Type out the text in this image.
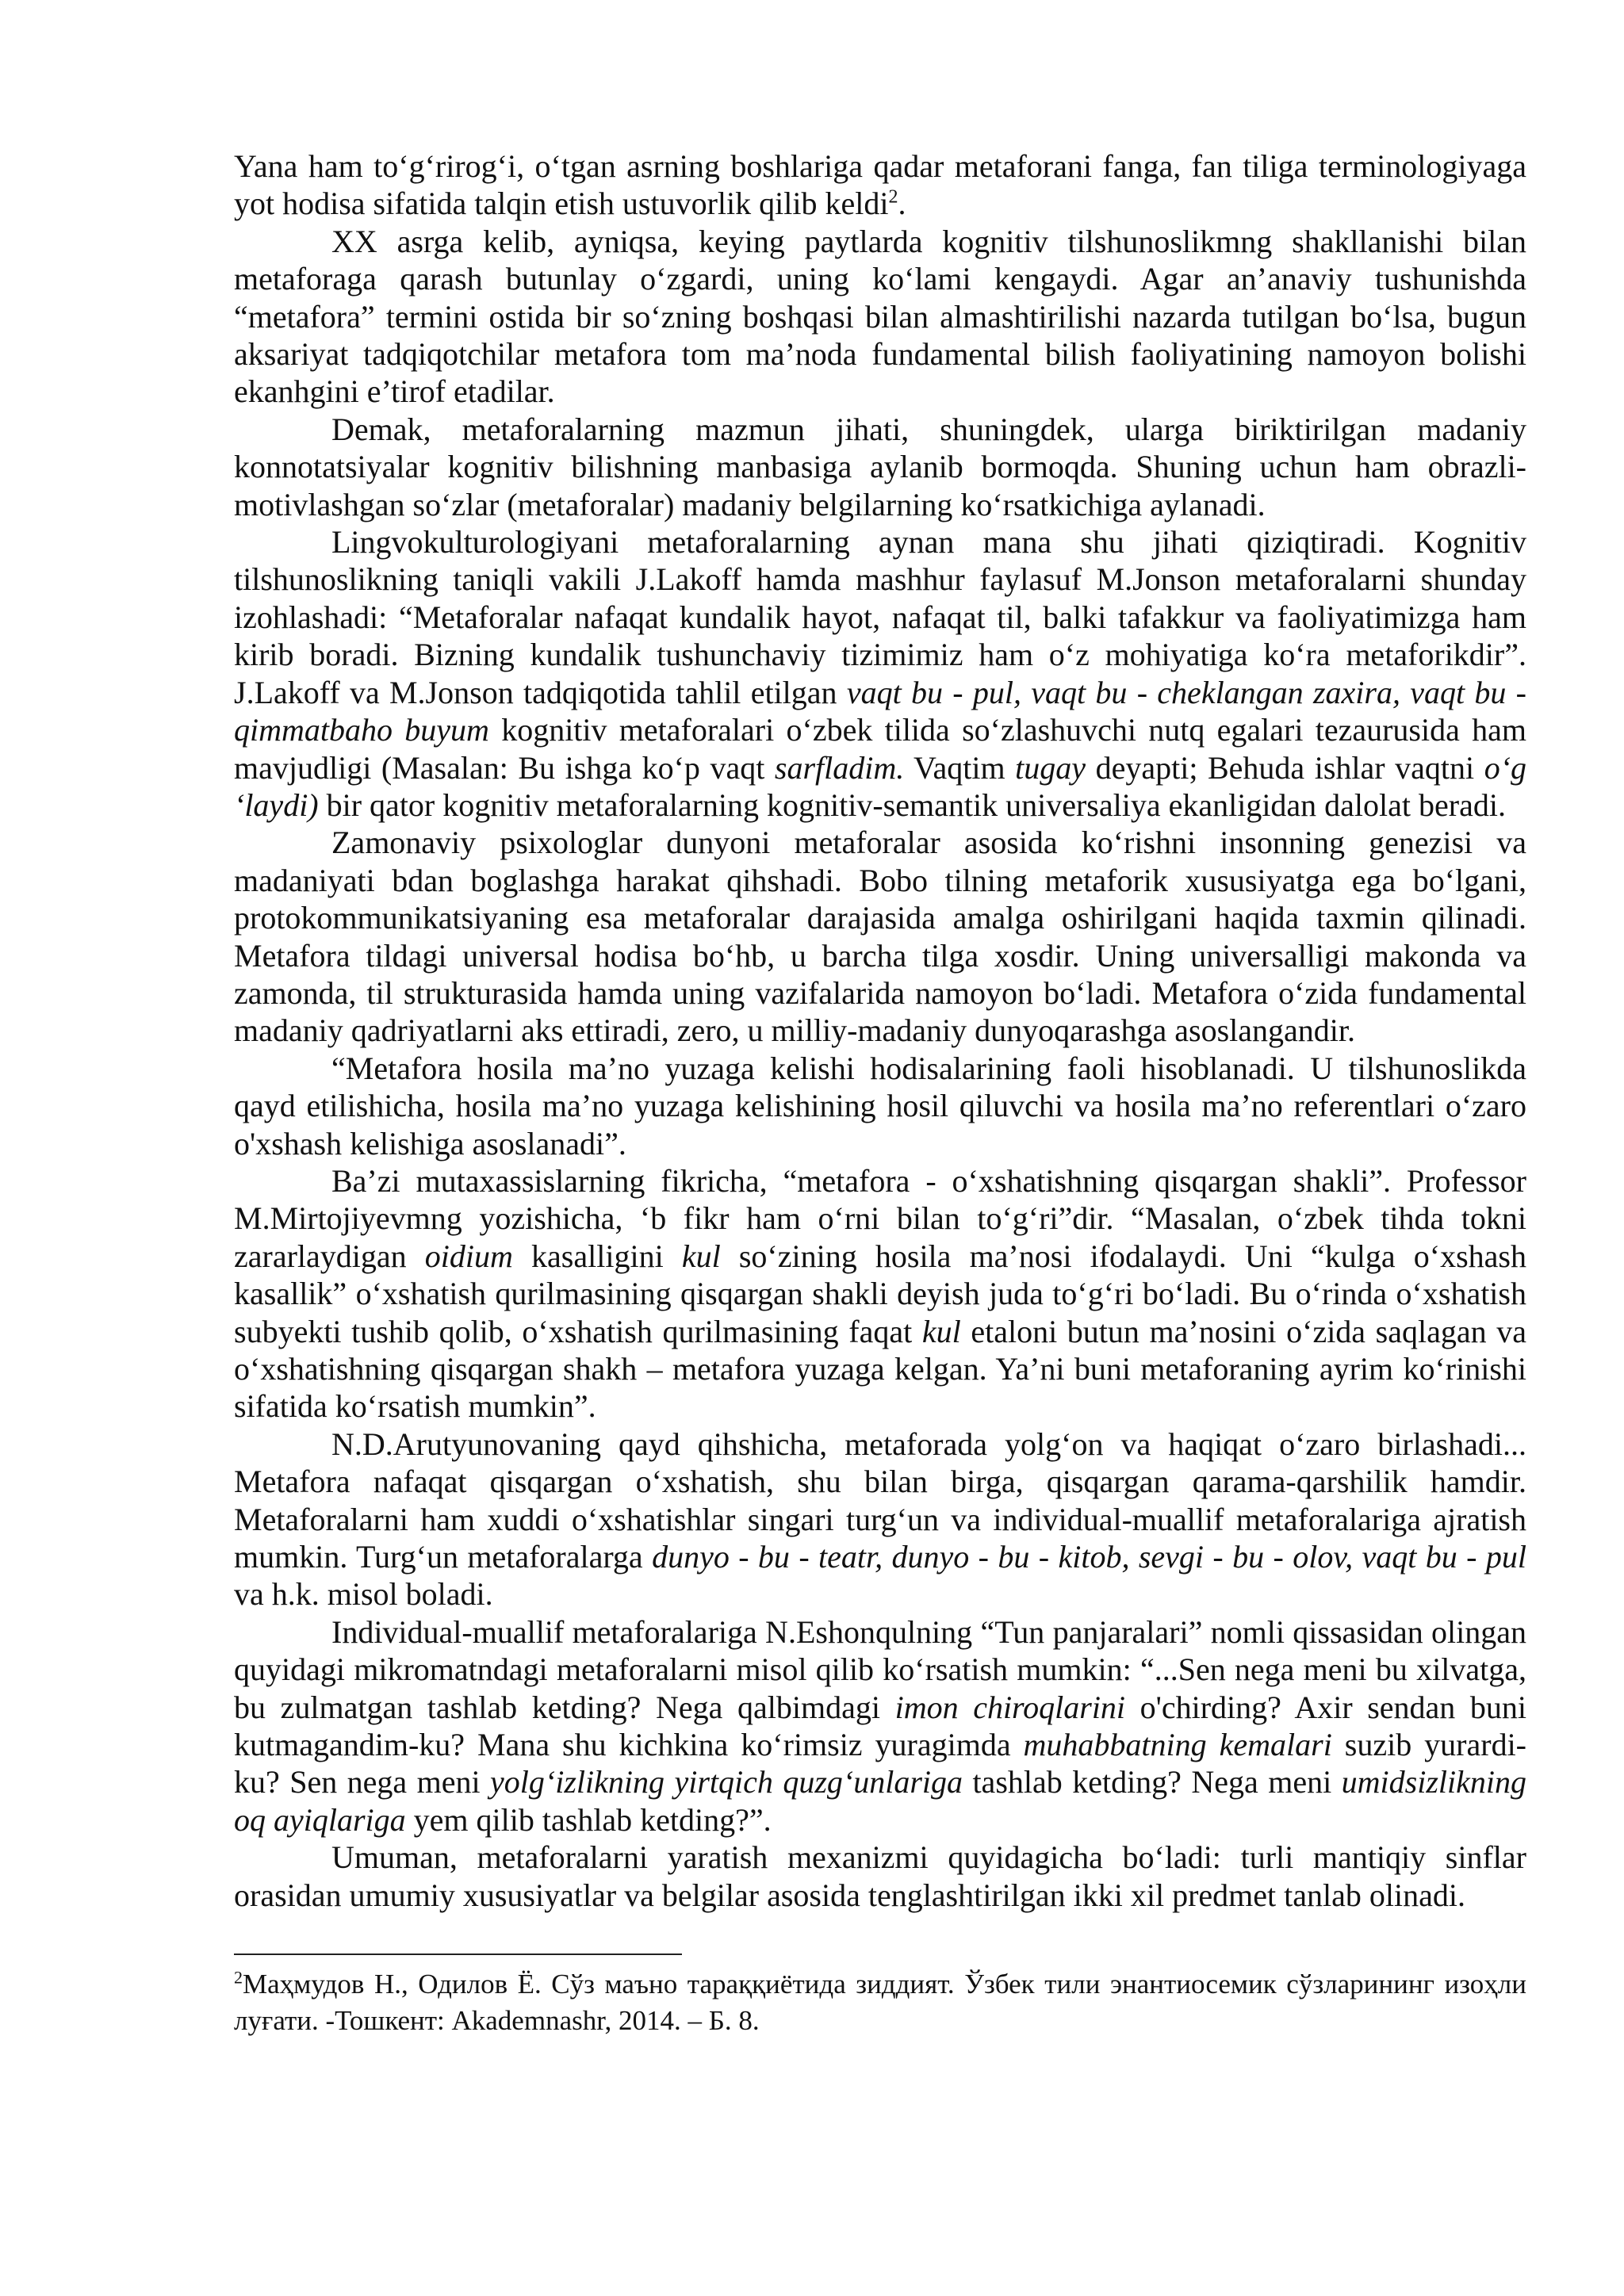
Yana ham to‘g‘rirog‘i, o‘tgan asrning boshlariga qadar metaforani fanga, fan tiliga terminologiyaga yot hodisa sifatida talqin etish ustuvorlik qilib keldi$^2$.

XX asrga kelib, ayniqsa, keying paytlarda kognitiv tilshunoslikmng shakllanishi bilan metaforaga qarash butunlay o‘zgardi, uning ko‘lami kengaydi. Agar an’anaviy tushunishda “metafora” termini ostida bir so‘zning boshqasi bilan almashtirilishi nazarda tutilgan bo‘lsa, bugun aksariyat tadqiqotchilar metafora tom ma’noda fundamental bilish faoliyatining namoyon bolishi ekanhgini e’tirof etadilar.

Demak, metaforalarning mazmun jihati, shuningdek, ularga biriktirilgan madaniy konnotatsiyalar kognitiv bilishning manbasiga aylanib bormoqda. Shuning uchun ham obrazli-motivlashgan so‘zlar (metaforalar) madaniy belgilarning ko‘rsatkichiga aylanadi.

Lingvokulturologiyani metaforalarning aynan mana shu jihati qiziqtiradi. Kognitiv tilshunoslikning taniqli vakili J.Lakoff hamda mashhur faylasuf M.Jonson metaforalarni shunday izohlashadi: “Metaforalar nafaqat kundalik hayot, nafaqat til, balki tafakkur va faoliyatimizga ham kirib boradi. Bizning kundalik tushunchaviy tizimimiz ham o‘z mohiyatiga ko‘ra metaforikdir”. J.Lakoff va M.Jonson tadqiqotida tahlil etilgan vaqt bu - pul, vaqt bu - cheklangan zaxira, vaqt bu - qimmatbaho buyum kognitiv metaforalari o‘zbek tilida so‘zlashuvchi nutq egalari tezaurusida ham mavjudligi (Masalan: Bu ishga ko‘p vaqt sarfladim. Vaqtim tugay deyapti; Behuda ishlar vaqtni o‘g ‘laydi) bir qator kognitiv metaforalarning kognitiv-semantik universaliya ekanligidan dalolat beradi.

Zamonaviy psixologlar dunyoni metaforalar asosida ko‘rishni insonning genezisi va madaniyati bdan boglashga harakat qihshadi. Bobo tilning metaforik xususiyatga ega bo‘lgani, protokommunikatsiyaning esa metaforalar darajasida amalga oshirilgani haqida taxmin qilinadi. Metafora tildagi universal hodisa bo‘hb, u barcha tilga xosdir. Uning universalligi makonda va zamonda, til strukturasida hamda uning vazifalarida namoyon bo‘ladi. Metafora o‘zida fundamental madaniy qadriyatlarni aks ettiradi, zero, u milliy-madaniy dunyoqarashga asoslangandir.

“Metafora hosila ma’no yuzaga kelishi hodisalarining faoli hisoblanadi. U tilshunoslikda qayd etilishicha, hosila ma’no yuzaga kelishining hosil qiluvchi va hosila ma’no referentlari o‘zaro o'xshash kelishiga asoslanadi”.

Ba’zi mutaxassislarning fikricha, “metafora - o‘xshatishning qisqargan shakli”. Professor M.Mirtojiyevmng yozishicha, ‘b fikr ham o‘rni bilan to‘g‘ri”dir. “Masalan, o‘zbek tihda tokni zararlaydigan oidium kasalligini kul so‘zining hosila ma’nosi ifodalaydi. Uni “kulga o‘xshash kasallik” o‘xshatish qurilmasining qisqargan shakli deyish juda to‘g‘ri bo‘ladi. Bu o‘rinda o‘xshatish subyekti tushib qolib, o‘xshatish qurilmasining faqat kul etaloni butun ma’nosini o‘zida saqlagan va o‘xshatishning qisqargan shakh – metafora yuzaga kelgan. Ya’ni buni metaforaning ayrim ko‘rinishi sifatida ko‘rsatish mumkin”.

N.D.Arutyunovaning qayd qihshicha, metaforada yolg‘on va haqiqat o‘zaro birlashadi... Metafora nafaqat qisqargan o‘xshatish, shu bilan birga, qisqargan qarama-qarshilik hamdir. Metaforalarni ham xuddi o‘xshatishlar singari turg‘un va individual-muallif metaforalariga ajratish mumkin. Turg‘un metaforalarga dunyo - bu - teatr, dunyo - bu - kitob, sevgi - bu - olov, vaqt bu - pul va h.k. misol boladi.

Individual-muallif metaforalariga N.Eshonqulning “Tun panjaralari” nomli qissasidan olingan quyidagi mikromatndagi metaforalarni misol qilib ko‘rsatish mumkin: “...Sen nega meni bu xilvatga, bu zulmatgan tashlab ketding? Nega qalbimdagi imon chiroqlarini o'chirding? Axir sendan buni kutmagandim-ku? Mana shu kichkina ko‘rimsiz yuragimda muhabbatning kemalari suzib yurardi-ku? Sen nega meni yolg‘izlikning yirtqich quzg‘unlariga tashlab ketding? Nega meni umidsizlikning oq ayiqlariga yem qilib tashlab ketding?”.

Umuman, metaforalarni yaratish mexanizmi quyidagicha bo‘ladi: turli mantiqiy sinflar orasidan umumiy xususiyatlar va belgilar asosida tenglashtirilgan ikki xil predmet tanlab olinadi.

$^2$Маҳмудов Н., Одилов Ё. Сўз маъно тараққиётида зиддият. Ўзбек тили энантиосемик сўзларининг изоҳли луғати. -Тошкент: Akademnashr, 2014. – Б. 8.
